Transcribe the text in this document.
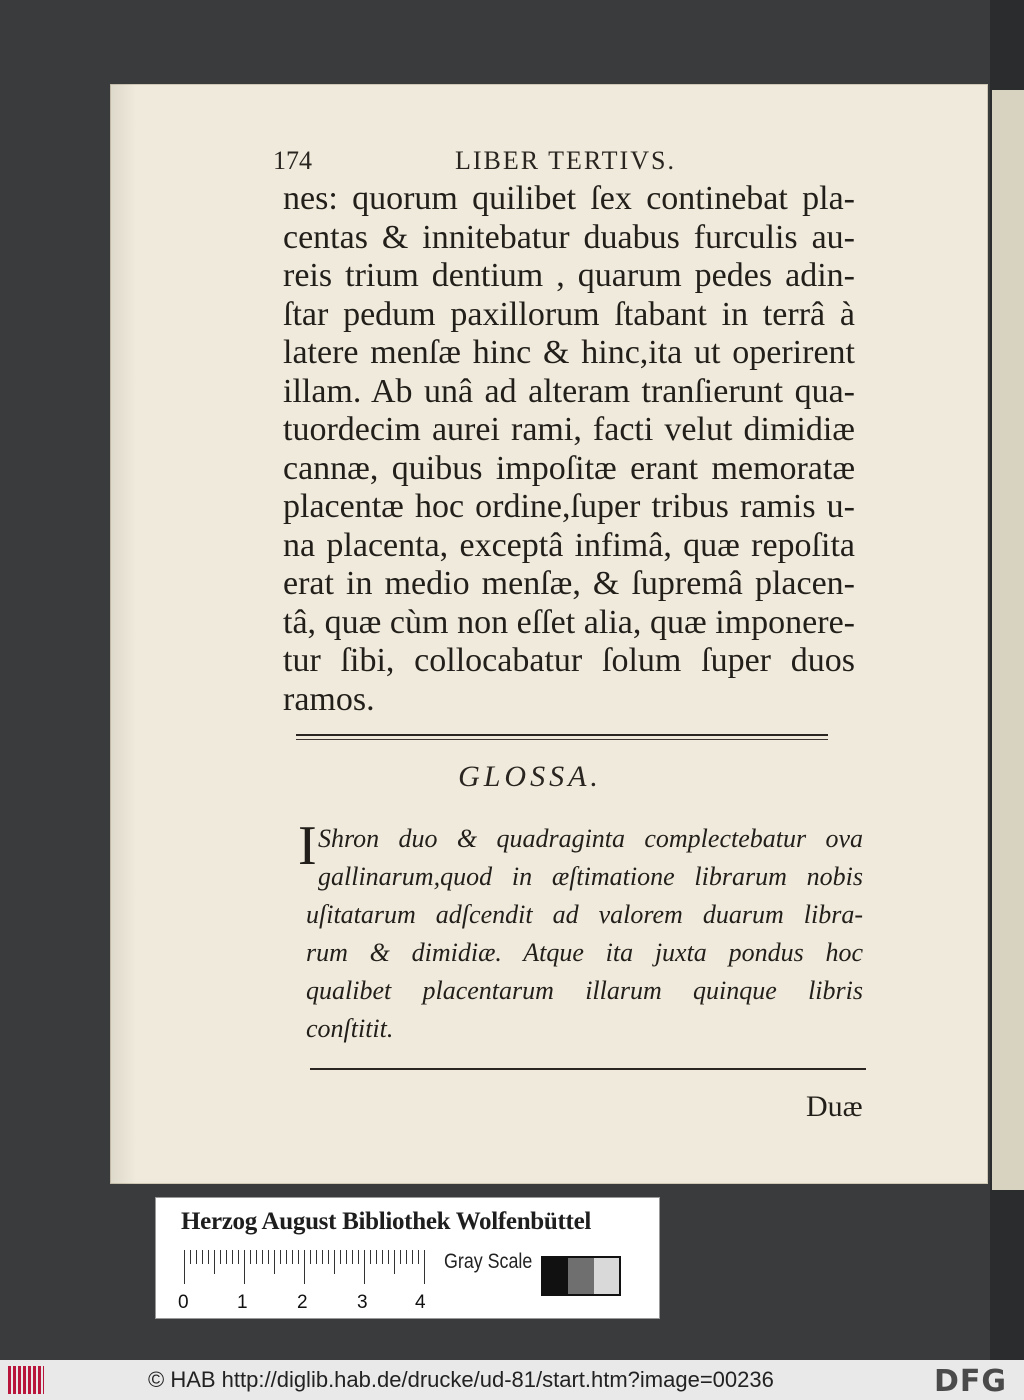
174	LIBER TERTIVS.
nes: quorum quilibet ſex continebat pla-
centas & innitebatur duabus furculis au-
reis trium dentium , quarum pedes adin-
ſtar pedum paxillorum ſtabant in terrâ à
latere menſæ hinc & hinc,ita ut operirent
illam. Ab unâ ad alteram tranſierunt qua-
tuordecim aurei rami, facti velut dimidiæ
cannæ, quibus impoſitæ erant memoratæ
placentæ hoc ordine,ſuper tribus ramis u-
na placenta, exceptâ infimâ, quæ repoſita
erat in medio menſæ, & ſupremâ placen-
tâ, quæ cùm non eſſet alia, quæ imponere-
tur ſibi, collocabatur ſolum ſuper duos
ramos.
GLOSSA.
I Shron duo & quadraginta complectebatur ova
gallinarum,quod in æſtimatione librarum nobis
uſitatarum adſcendit ad valorem duarum libra-
rum & dimidiæ. Atque ita juxta pondus hoc
qualibet placentarum illarum quinque libris
conſtitit.
Duæ
Herzog August Bibliothek Wolfenbüttel
0	1	2	3 4
Gray Scale
© HAB http://diglib.hab.de/drucke/ud-81/start.htm?image=00236	DFG
